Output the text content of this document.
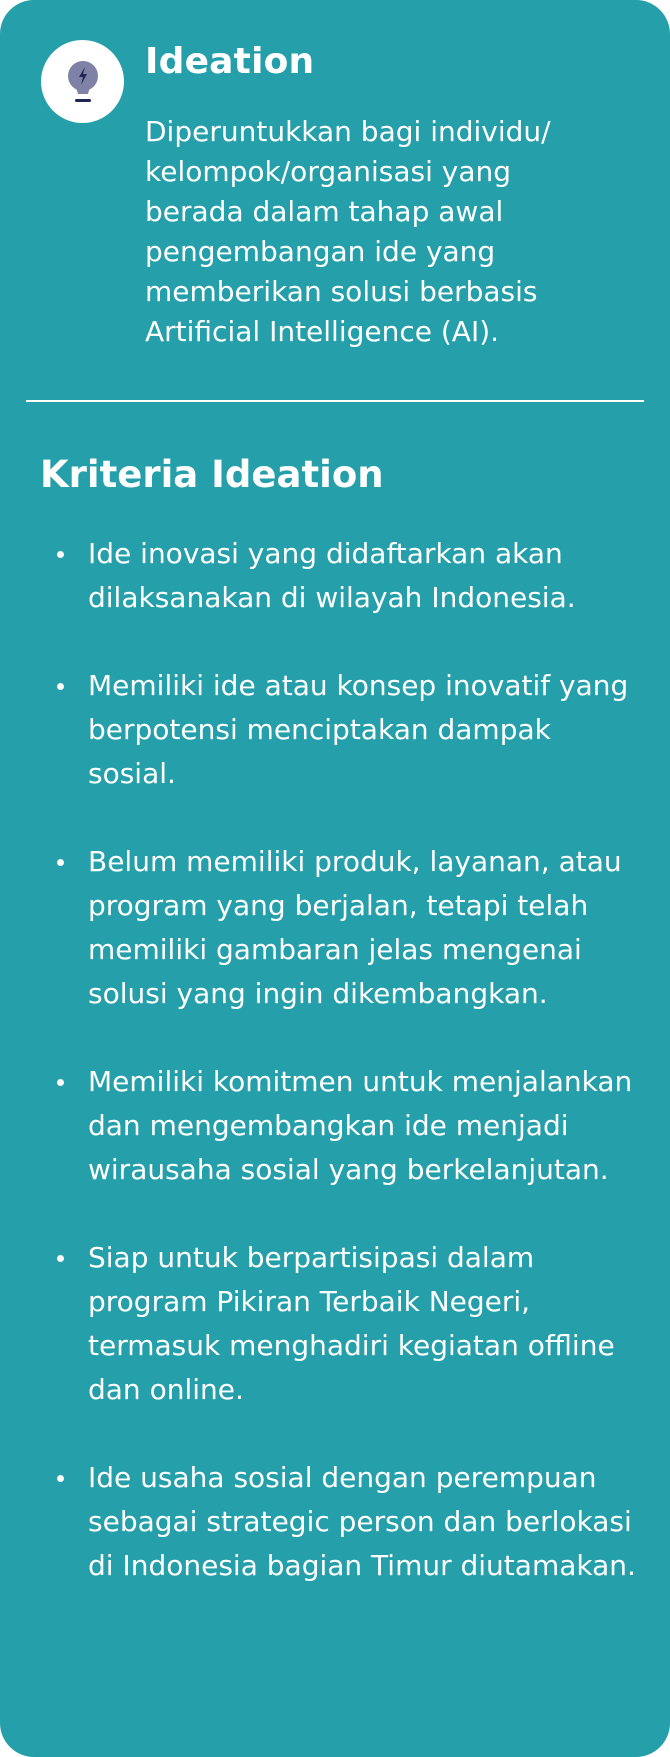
Ideation

Diperuntukkan bagi individu/ kelompok/organisasi yang berada dalam tahap awal pengembangan ide yang memberikan solusi berbasis Artificial Intelligence (AI).

Kriteria Ideation
Ide inovasi yang didaftarkan akan dilaksanakan di wilayah Indonesia.
Memiliki ide atau konsep inovatif yang berpotensi menciptakan dampak sosial.
Belum memiliki produk, layanan, atau program yang berjalan, tetapi telah memiliki gambaran jelas mengenai solusi yang ingin dikembangkan.
Memiliki komitmen untuk menjalankan dan mengembangkan ide menjadi wirausaha sosial yang berkelanjutan.
Siap untuk berpartisipasi dalam program Pikiran Terbaik Negeri, termasuk menghadiri kegiatan offline dan online.
Ide usaha sosial dengan perempuan sebagai strategic person dan berlokasi di Indonesia bagian Timur diutamakan.
